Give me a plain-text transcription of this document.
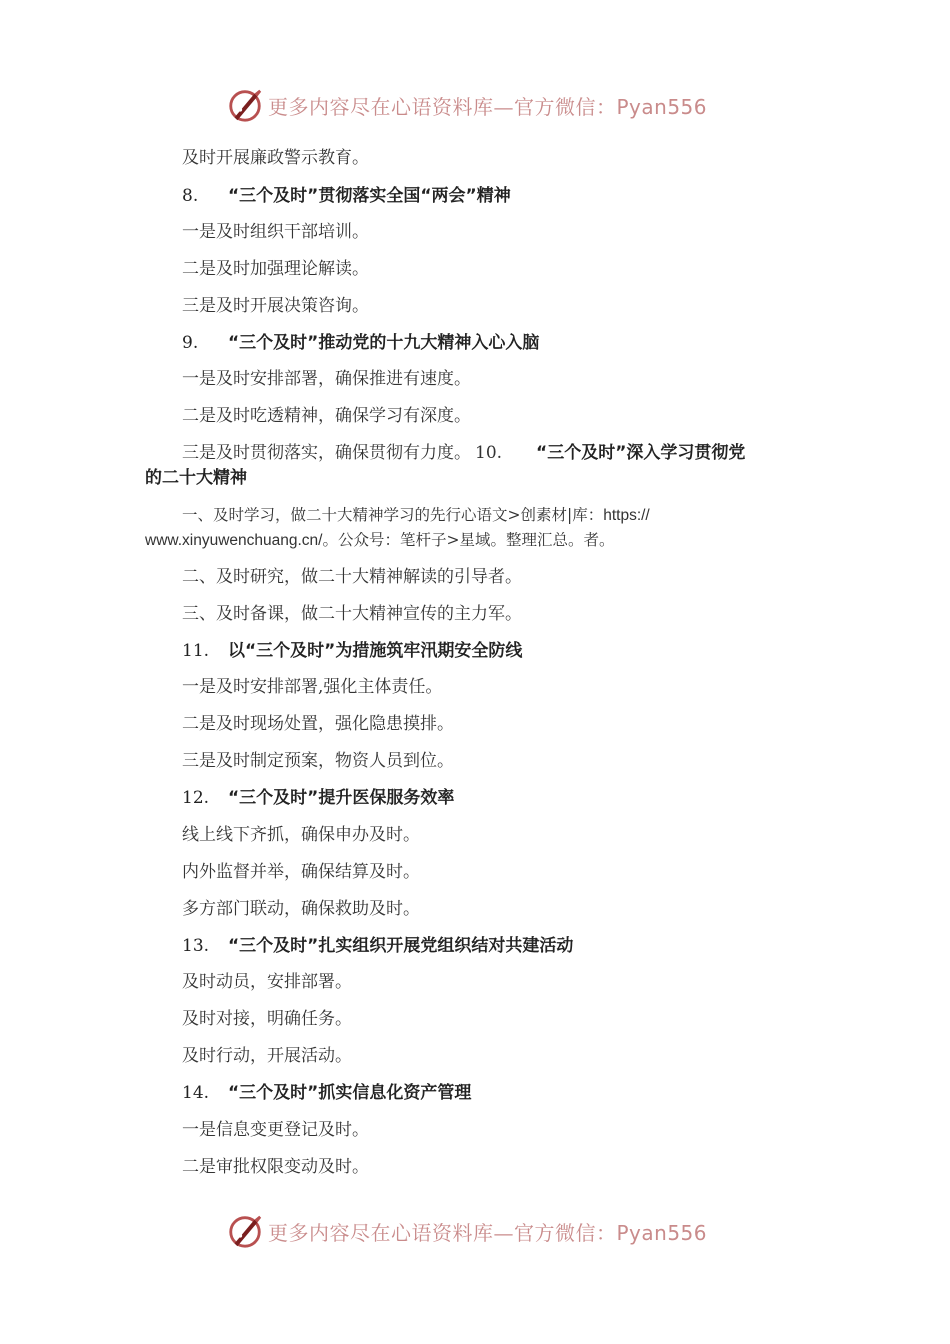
更多内容尽在心语资料库—官方微信：Pyan556
及时开展廉政警示教育。
8. “三个及时”贯彻落实全国“两会”精神
一是及时组织干部培训。
二是及时加强理论解读。
三是及时开展决策咨询。
9. “三个及时”推动党的十九大精神入心入脑
一是及时安排部署，确保推进有速度。
二是及时吃透精神，确保学习有深度。
三是及时贯彻落实，确保贯彻有力度。 10. “三个及时”深入学习贯彻党
的二十大精神
一、及时学习，做二十大精神学习的先行心语文>创素材|库：https://
www.xinyuwenchuang.cn/。公众号：笔杆子>星域。整理汇总。者。
二、及时研究，做二十大精神解读的引导者。
三、及时备课，做二十大精神宣传的主力军。
11. 以“三个及时”为措施筑牢汛期安全防线
一是及时安排部署,强化主体责任。
二是及时现场处置，强化隐患摸排。
三是及时制定预案，物资人员到位。
12. “三个及时”提升医保服务效率
线上线下齐抓，确保申办及时。
内外监督并举，确保结算及时。
多方部门联动，确保救助及时。
13. “三个及时”扎实组织开展党组织结对共建活动
及时动员，安排部署。
及时对接，明确任务。
及时行动，开展活动。
14. “三个及时”抓实信息化资产管理
一是信息变更登记及时。
二是审批权限变动及时。
更多内容尽在心语资料库—官方微信：Pyan556
